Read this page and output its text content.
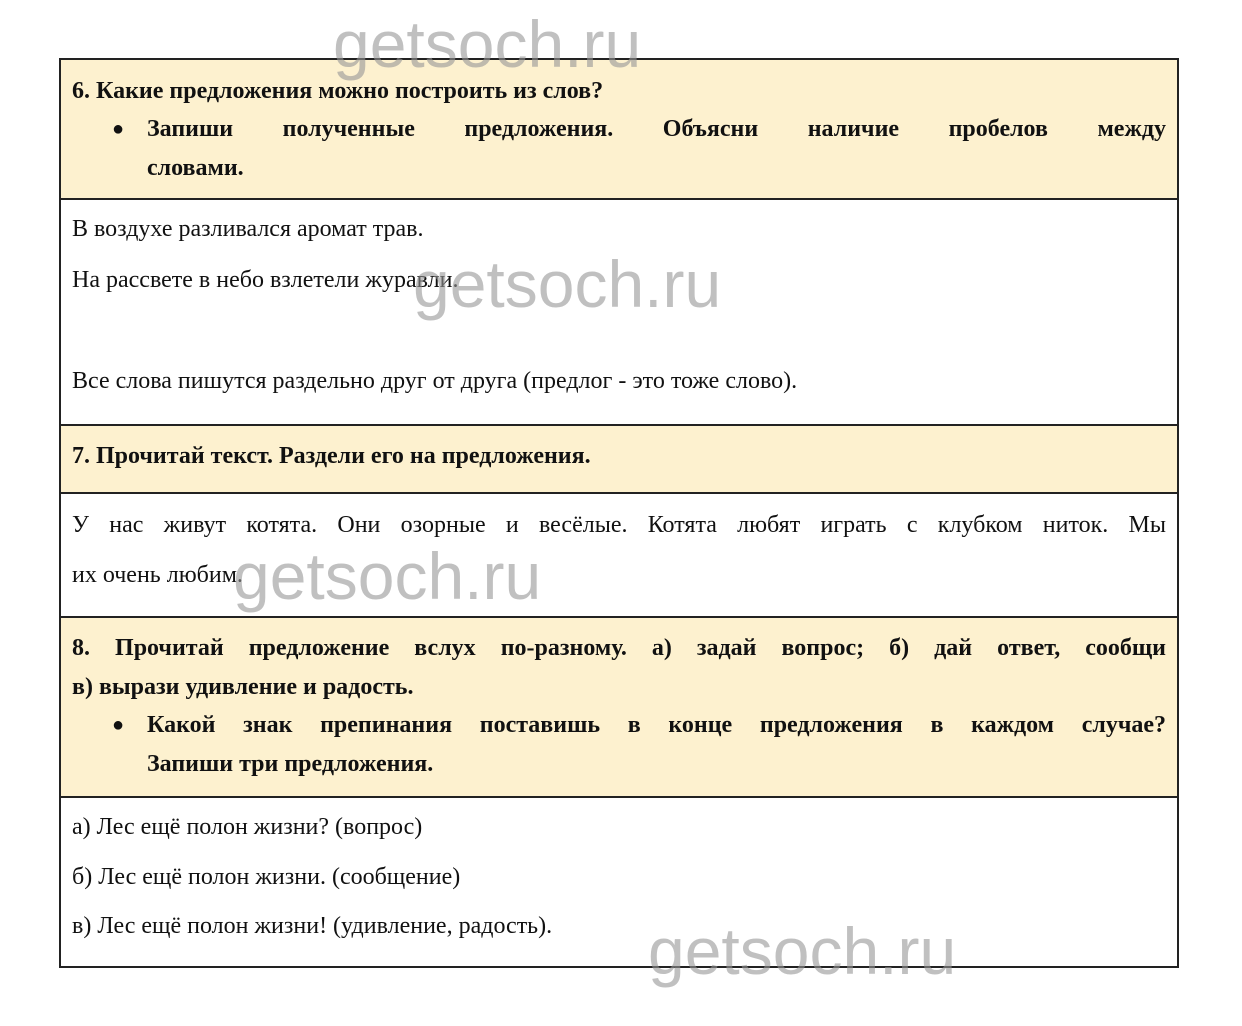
6. Какие предложения можно построить из слов?
● Запиши полученные предложения. Объясни наличие пробелов между
словами.
В воздухе разливался аромат трав.
На рассвете в небо взлетели журавли.
Все слова пишутся раздельно друг от друга (предлог - это тоже слово).
7. Прочитай текст. Раздели его на предложения.
У нас живут котята. Они озорные и весёлые. Котята любят играть с клубком ниток. Мы
их очень любим.
8. Прочитай предложение вслух по-разному. а) задай вопрос; б) дай ответ, сообщи
в) вырази удивление и радость.
● Какой знак препинания поставишь в конце предложения в каждом случае?
Запиши три предложения.
а) Лес ещё полон жизни? (вопрос)
б) Лес ещё полон жизни. (сообщение)
в) Лес ещё полон жизни! (удивление, радость).
getsoch.ru
getsoch.ru
getsoch.ru
getsoch.ru
